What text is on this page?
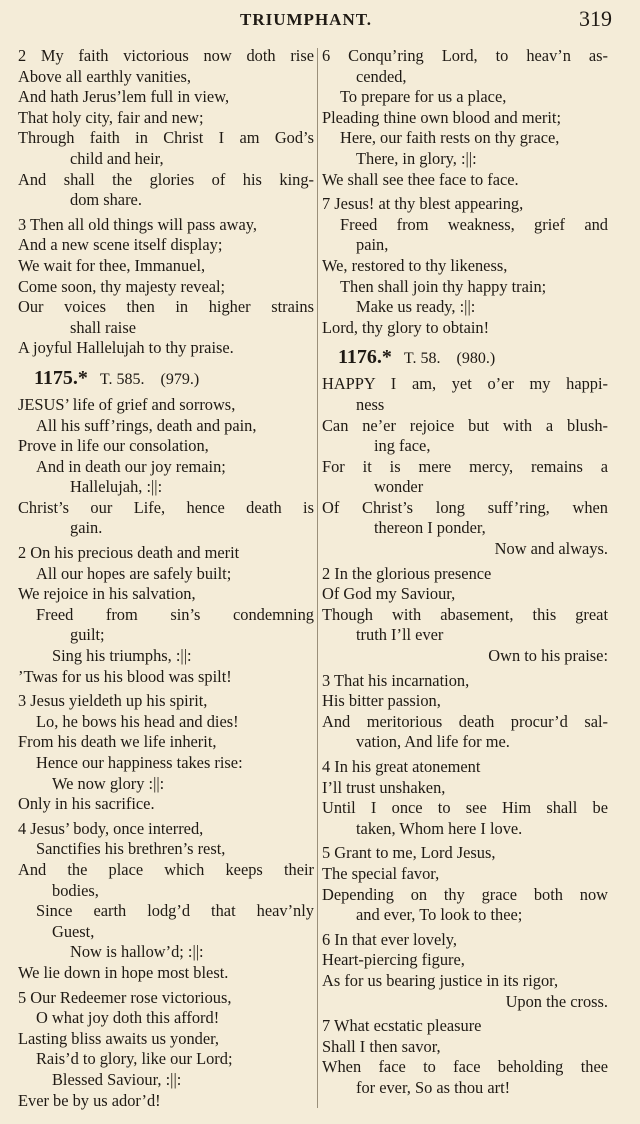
TRIUMPHANT.	319
2 My faith victorious now doth rise
Above all earthly vanities,
And hath Jerus’lem full in view,
That holy city, fair and new;
Through faith in Christ I am God’s
child and heir,
And shall the glories of his king-
dom share.
3 Then all old things will pass away,
And a new scene itself display;
We wait for thee, Immanuel,
Come soon, thy majesty reveal;
Our voices then in higher strains
shall raise
A joyful Hallelujah to thy praise.
1175.* T. 585. (979.)
JESUS’ life of grief and sorrows,
All his suff’rings, death and pain,
Prove in life our consolation,
And in death our joy remain;
Hallelujah, :||:
Christ’s our Life, hence death is
gain.
2 On his precious death and merit
All our hopes are safely built;
We rejoice in his salvation,
Freed from sin’s condemning
guilt;
Sing his triumphs, :||:
’Twas for us his blood was spilt!
3 Jesus yieldeth up his spirit,
Lo, he bows his head and dies!
From his death we life inherit,
Hence our happiness takes rise:
We now glory :||:
Only in his sacrifice.
4 Jesus’ body, once interred,
Sanctifies his brethren’s rest,
And the place which keeps their
bodies,
Since earth lodg’d that heav’nly
Guest,
Now is hallow’d; :||:
We lie down in hope most blest.
5 Our Redeemer rose victorious,
O what joy doth this afford!
Lasting bliss awaits us yonder,
Rais’d to glory, like our Lord;
Blessed Saviour, :||:
Ever be by us ador’d!
6 Conqu’ring Lord, to heav’n as-
cended,
To prepare for us a place,
Pleading thine own blood and merit;
Here, our faith rests on thy grace,
There, in glory, :||:
We shall see thee face to face.
7 Jesus! at thy blest appearing,
Freed from weakness, grief and
pain,
We, restored to thy likeness,
Then shall join thy happy train;
Make us ready, :||:
Lord, thy glory to obtain!
1176.* T. 58. (980.)
HAPPY I am, yet o’er my happi-
ness
Can ne’er rejoice but with a blush-
ing face,
For it is mere mercy, remains a
wonder
Of Christ’s long suff’ring, when
thereon I ponder,
Now and always.
2 In the glorious presence
Of God my Saviour,
Though with abasement, this great
truth I’ll ever
Own to his praise:
3 That his incarnation,
His bitter passion,
And meritorious death procur’d sal-
vation, And life for me.
4 In his great atonement
I’ll trust unshaken,
Until I once to see Him shall be
taken, Whom here I love.
5 Grant to me, Lord Jesus,
The special favor,
Depending on thy grace both now
and ever, To look to thee;
6 In that ever lovely,
Heart-piercing figure,
As for us bearing justice in its rigor,
Upon the cross.
7 What ecstatic pleasure
Shall I then savor,
When face to face beholding thee
for ever, So as thou art!
